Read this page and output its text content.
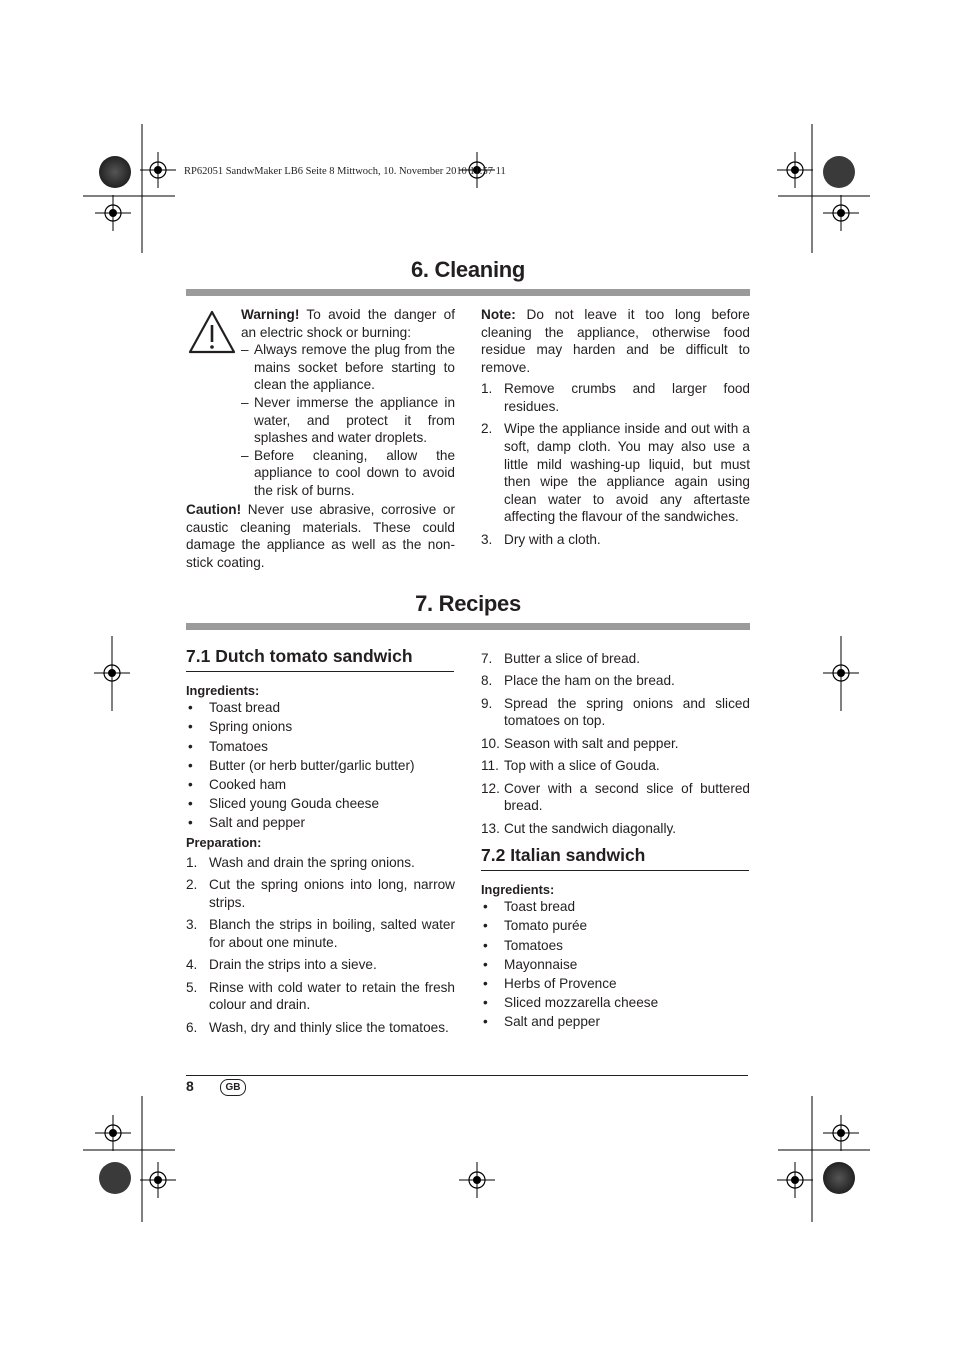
RP62051 SandwMaker LB6 Seite 8 Mittwoch, 10. November 2010 11:57 11
6. Cleaning

Warning! To avoid the danger of an electric shock or burning:

– Always remove the plug from the mains socket before starting to clean the appliance.
– Never immerse the appliance in water, and protect it from splashes and water droplets.
– Before cleaning, allow the appliance to cool down to avoid the risk of burns.
Caution! Never use abrasive, corrosive or caustic cleaning materials. These could damage the appliance as well as the non-stick coating.

Note: Do not leave it too long before cleaning the appliance, otherwise food residue may harden and be difficult to remove.

1. Remove crumbs and larger food residues.
2. Wipe the appliance inside and out with a soft, damp cloth. You may also use a little mild washing-up liquid, but must then wipe the appliance again using clean water to avoid any aftertaste affecting the flavour of the sandwiches.
3. Dry with a cloth.
7. Recipes
7.1 Dutch tomato sandwich
Ingredients:
• Toast bread
• Spring onions
• Tomatoes
• Butter (or herb butter/garlic butter)
• Cooked ham
• Sliced young Gouda cheese
• Salt and pepper
Preparation:
1. Wash and drain the spring onions.
2. Cut the spring onions into long, narrow strips.
3. Blanch the strips in boiling, salted water for about one minute.
4. Drain the strips into a sieve.
5. Rinse with cold water to retain the fresh colour and drain.
6. Wash, dry and thinly slice the tomatoes.
7. Butter a slice of bread.
8. Place the ham on the bread.
9. Spread the spring onions and sliced tomatoes on top.
10. Season with salt and pepper.
11. Top with a slice of Gouda.
12. Cover with a second slice of buttered bread.
13. Cut the sandwich diagonally.
7.2 Italian sandwich
Ingredients:
• Toast bread
• Tomato purée
• Tomatoes
• Mayonnaise
• Herbs of Provence
• Sliced mozzarella cheese
• Salt and pepper
8	GB
